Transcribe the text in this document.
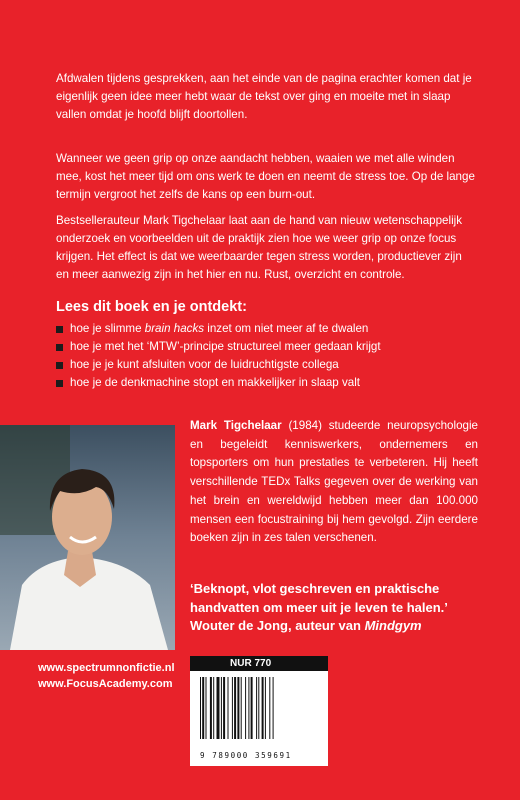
Afdwalen tijdens gesprekken, aan het einde van de pagina erachter komen dat je eigenlijk geen idee meer hebt waar de tekst over ging en moeite met in slaap vallen omdat je hoofd blijft doortollen.

Wanneer we geen grip op onze aandacht hebben, waaien we met alle winden mee, kost het meer tijd om ons werk te doen en neemt de stress toe. Op de lange termijn vergroot het zelfs de kans op een burn-out.

Bestsellerauteur Mark Tigchelaar laat aan de hand van nieuw wetenschappelijk onderzoek en voorbeelden uit de praktijk zien hoe we weer grip op onze focus krijgen. Het effect is dat we weerbaarder tegen stress worden, productiever zijn en meer aanwezig zijn in het hier en nu. Rust, overzicht en controle.

Lees dit boek en je ontdekt:
hoe je slimme brain hacks inzet om niet meer af te dwalen
hoe je met het ‘MTW’-principe structureel meer gedaan krijgt
hoe je je kunt afsluiten voor de luidruchtigste collega
hoe je de denkmachine stopt en makkelijker in slaap valt

Mark Tigchelaar (1984) studeerde neuropsychologie en begeleidt kenniswerkers, ondernemers en topsporters om hun prestaties te verbeteren. Hij heeft verschillende TEDx Talks gegeven over de werking van het brein en wereldwijd hebben meer dan 100.000 mensen een focustraining bij hem gevolgd. Zijn eerdere boeken zijn in zes talen verschenen.

‘Beknopt, vlot geschreven en praktische handvatten om meer uit je leven te halen.’
Wouter de Jong, auteur van Mindgym

www.spectrumnonfictie.nl
www.FocusAcademy.com
NUR 770
9 789000 359691
